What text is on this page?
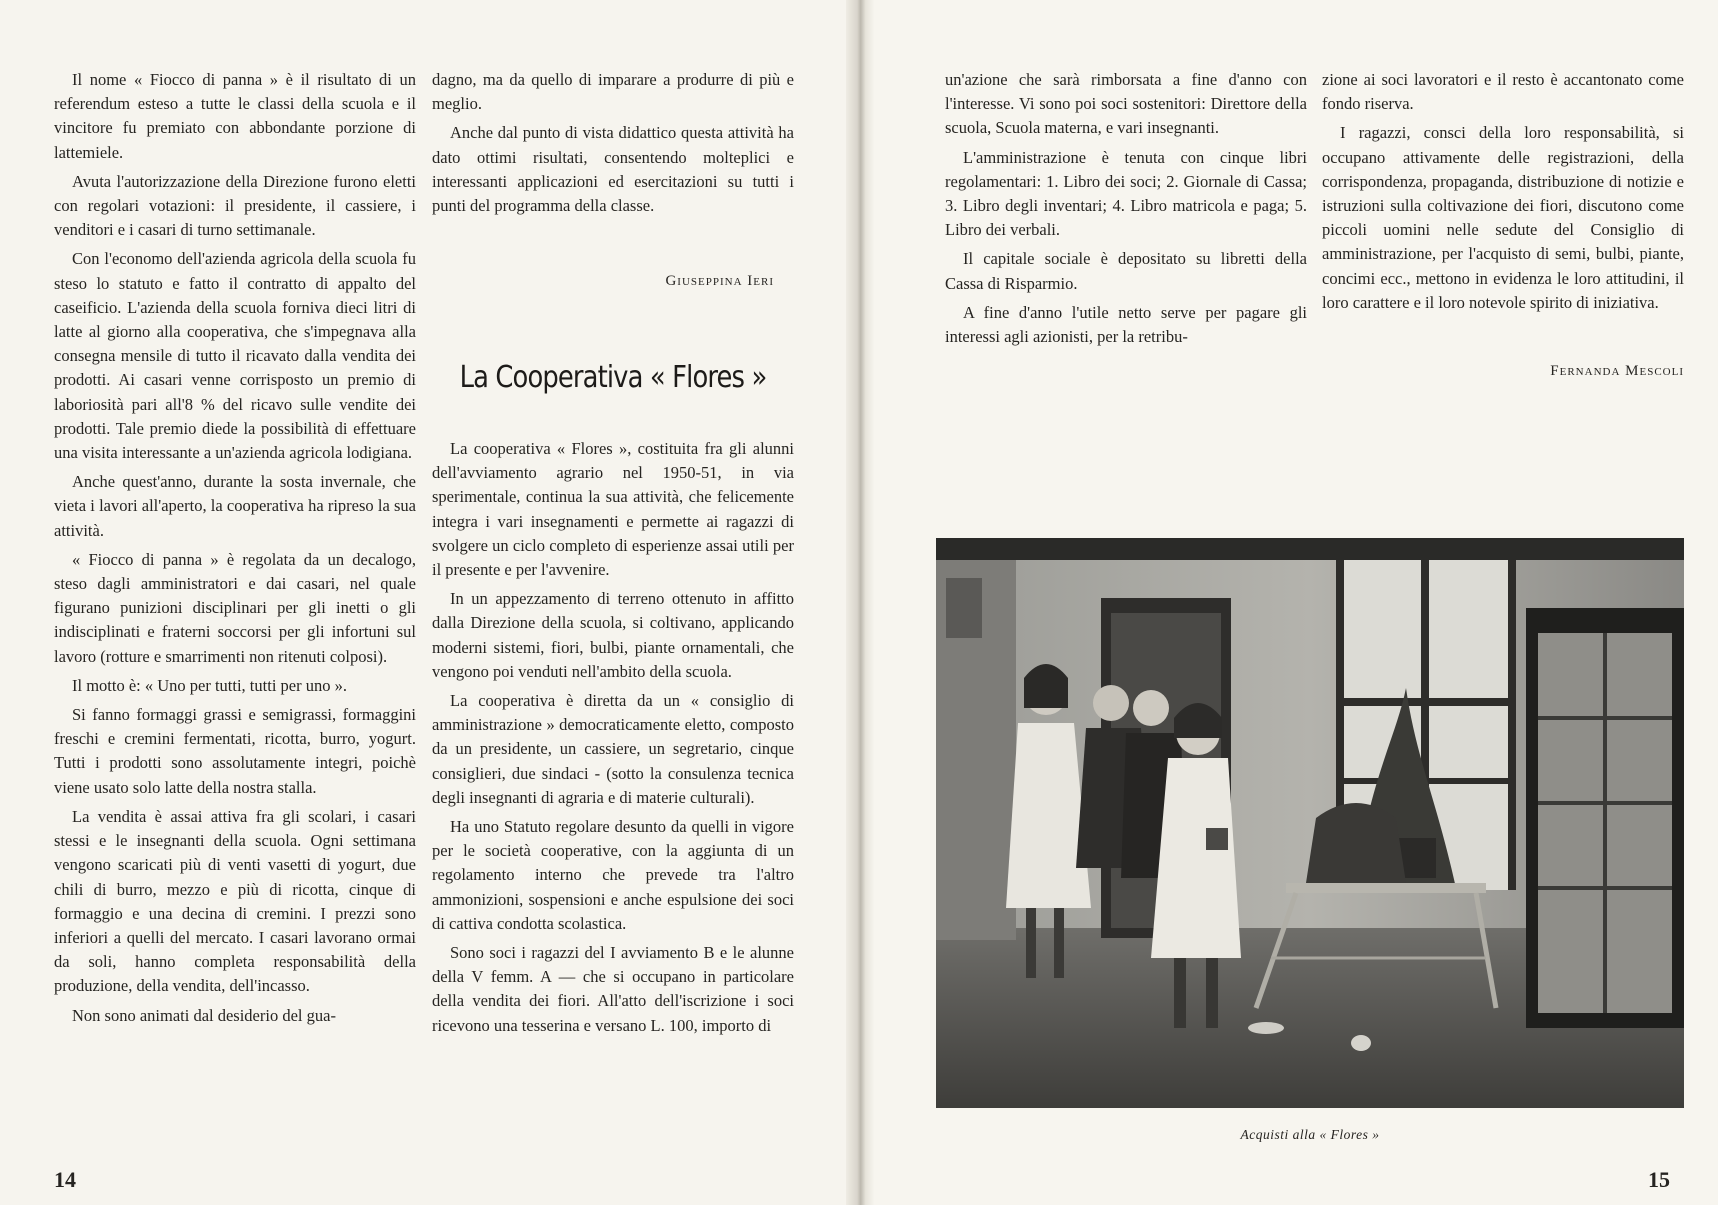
Il nome « Fiocco di panna » è il risultato di un referendum esteso a tutte le classi della scuola e il vincitore fu premiato con abbondante porzione di lattemiele.

Avuta l'autorizzazione della Direzione furono eletti con regolari votazioni: il presidente, il cassiere, i venditori e i casari di turno settimanale.

Con l'economo dell'azienda agricola della scuola fu steso lo statuto e fatto il contratto di appalto del caseificio. L'azienda della scuola forniva dieci litri di latte al giorno alla cooperativa, che s'impegnava alla consegna mensile di tutto il ricavato dalla vendita dei prodotti. Ai casari venne corrisposto un premio di laboriosità pari all'8 % del ricavo sulle vendite dei prodotti. Tale premio diede la possibilità di effettuare una visita interessante a un'azienda agricola lodigiana.

Anche quest'anno, durante la sosta invernale, che vieta i lavori all'aperto, la cooperativa ha ripreso la sua attività.

« Fiocco di panna » è regolata da un decalogo, steso dagli amministratori e dai casari, nel quale figurano punizioni disciplinari per gli inetti o gli indisciplinati e fraterni soccorsi per gli infortuni sul lavoro (rotture e smarrimenti non ritenuti colposi).

Il motto è: « Uno per tutti, tutti per uno ».

Si fanno formaggi grassi e semigrassi, formaggini freschi e cremini fermentati, ricotta, burro, yogurt. Tutti i prodotti sono assolutamente integri, poichè viene usato solo latte della nostra stalla.

La vendita è assai attiva fra gli scolari, i casari stessi e le insegnanti della scuola. Ogni settimana vengono scaricati più di venti vasetti di yogurt, due chili di burro, mezzo e più di ricotta, cinque di formaggio e una decina di cremini. I prezzi sono inferiori a quelli del mercato. I casari lavorano ormai da soli, hanno completa responsabilità della produzione, della vendita, dell'incasso.

Non sono animati dal desiderio del gua-

dagno, ma da quello di imparare a produrre di più e meglio.

Anche dal punto di vista didattico questa attività ha dato ottimi risultati, consentendo molteplici e interessanti applicazioni ed esercitazioni su tutti i punti del programma della classe.

Giuseppina Ieri
La Cooperativa « Flores »

La cooperativa « Flores », costituita fra gli alunni dell'avviamento agrario nel 1950-51, in via sperimentale, continua la sua attività, che felicemente integra i vari insegnamenti e permette ai ragazzi di svolgere un ciclo completo di esperienze assai utili per il presente e per l'avvenire.

In un appezzamento di terreno ottenuto in affitto dalla Direzione della scuola, si coltivano, applicando moderni sistemi, fiori, bulbi, piante ornamentali, che vengono poi venduti nell'ambito della scuola.

La cooperativa è diretta da un « consiglio di amministrazione » democraticamente eletto, composto da un presidente, un cassiere, un segretario, cinque consiglieri, due sindaci - (sotto la consulenza tecnica degli insegnanti di agraria e di materie culturali).

Ha uno Statuto regolare desunto da quelli in vigore per le società cooperative, con la aggiunta di un regolamento interno che prevede tra l'altro ammonizioni, sospensioni e anche espulsione dei soci di cattiva condotta scolastica.

Sono soci i ragazzi del I avviamento B e le alunne della V femm. A — che si occupano in particolare della vendita dei fiori. All'atto dell'iscrizione i soci ricevono una tesserina e versano L. 100, importo di

14

un'azione che sarà rimborsata a fine d'anno con l'interesse. Vi sono poi soci sostenitori: Direttore della scuola, Scuola materna, e vari insegnanti.

L'amministrazione è tenuta con cinque libri regolamentari: 1. Libro dei soci; 2. Giornale di Cassa; 3. Libro degli inventari; 4. Libro matricola e paga; 5. Libro dei verbali.

Il capitale sociale è depositato su libretti della Cassa di Risparmio.

A fine d'anno l'utile netto serve per pagare gli interessi agli azionisti, per la retribu-

zione ai soci lavoratori e il resto è accantonato come fondo riserva.

I ragazzi, consci della loro responsabilità, si occupano attivamente delle registrazioni, della corrispondenza, propaganda, distribuzione di notizie e istruzioni sulla coltivazione dei fiori, discutono come piccoli uomini nelle sedute del Consiglio di amministrazione, per l'acquisto di semi, bulbi, piante, concimi ecc., mettono in evidenza le loro attitudini, il loro carattere e il loro notevole spirito di iniziativa.

Fernanda Mescoli
Acquisti alla « Flores »
15
